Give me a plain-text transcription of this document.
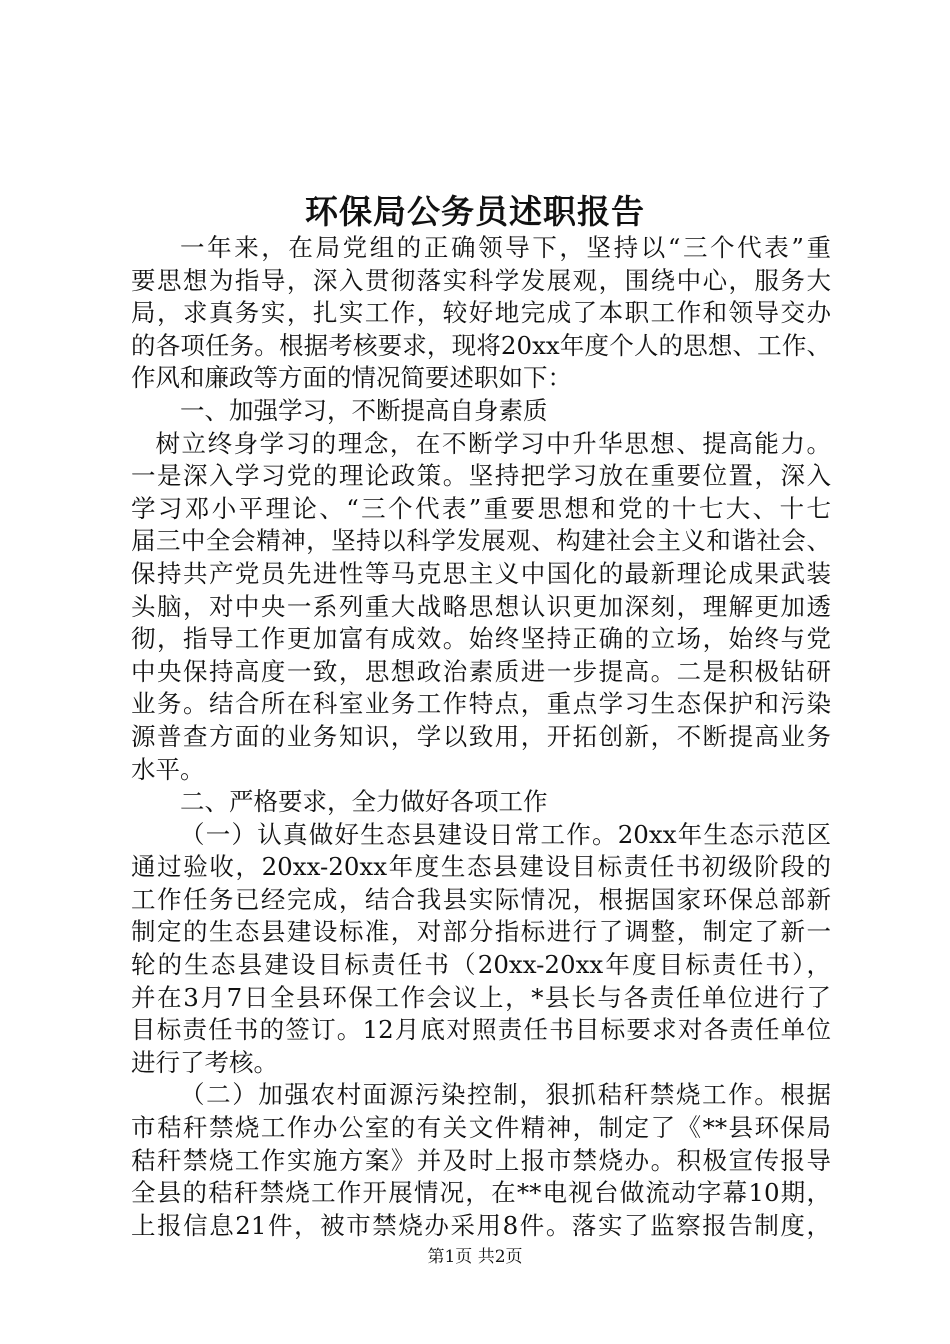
环保局公务员述职报告
一年来，在局党组的正确领导下，坚持以“三个代表”重
要思想为指导，深入贯彻落实科学发展观，围绕中心，服务大
局，求真务实，扎实工作，较好地完成了本职工作和领导交办
的各项任务。根据考核要求，现将20xx年度个人的思想、工作、
作风和廉政等方面的情况简要述职如下：
一、加强学习，不断提高自身素质
树立终身学习的理念，在不断学习中升华思想、提高能力。
一是深入学习党的理论政策。坚持把学习放在重要位置，深入
学习邓小平理论、“三个代表”重要思想和党的十七大、十七
届三中全会精神，坚持以科学发展观、构建社会主义和谐社会、
保持共产党员先进性等马克思主义中国化的最新理论成果武装
头脑，对中央一系列重大战略思想认识更加深刻，理解更加透
彻，指导工作更加富有成效。始终坚持正确的立场，始终与党
中央保持高度一致，思想政治素质进一步提高。二是积极钻研
业务。结合所在科室业务工作特点，重点学习生态保护和污染
源普查方面的业务知识，学以致用，开拓创新，不断提高业务
水平。
二、严格要求，全力做好各项工作
（一）认真做好生态县建设日常工作。20xx年生态示范区
通过验收，20xx-20xx年度生态县建设目标责任书初级阶段的
工作任务已经完成，结合我县实际情况，根据国家环保总部新
制定的生态县建设标准，对部分指标进行了调整，制定了新一
轮的生态县建设目标责任书（20xx-20xx年度目标责任书），
并在3月7日全县环保工作会议上，*县长与各责任单位进行了
目标责任书的签订。12月底对照责任书目标要求对各责任单位
进行了考核。
（二）加强农村面源污染控制，狠抓秸秆禁烧工作。根据
市秸秆禁烧工作办公室的有关文件精神，制定了《**县环保局
秸秆禁烧工作实施方案》并及时上报市禁烧办。积极宣传报导
全县的秸秆禁烧工作开展情况，在**电视台做流动字幕10期，
上报信息21件，被市禁烧办采用8件。落实了监察报告制度，
第1页 共2页
